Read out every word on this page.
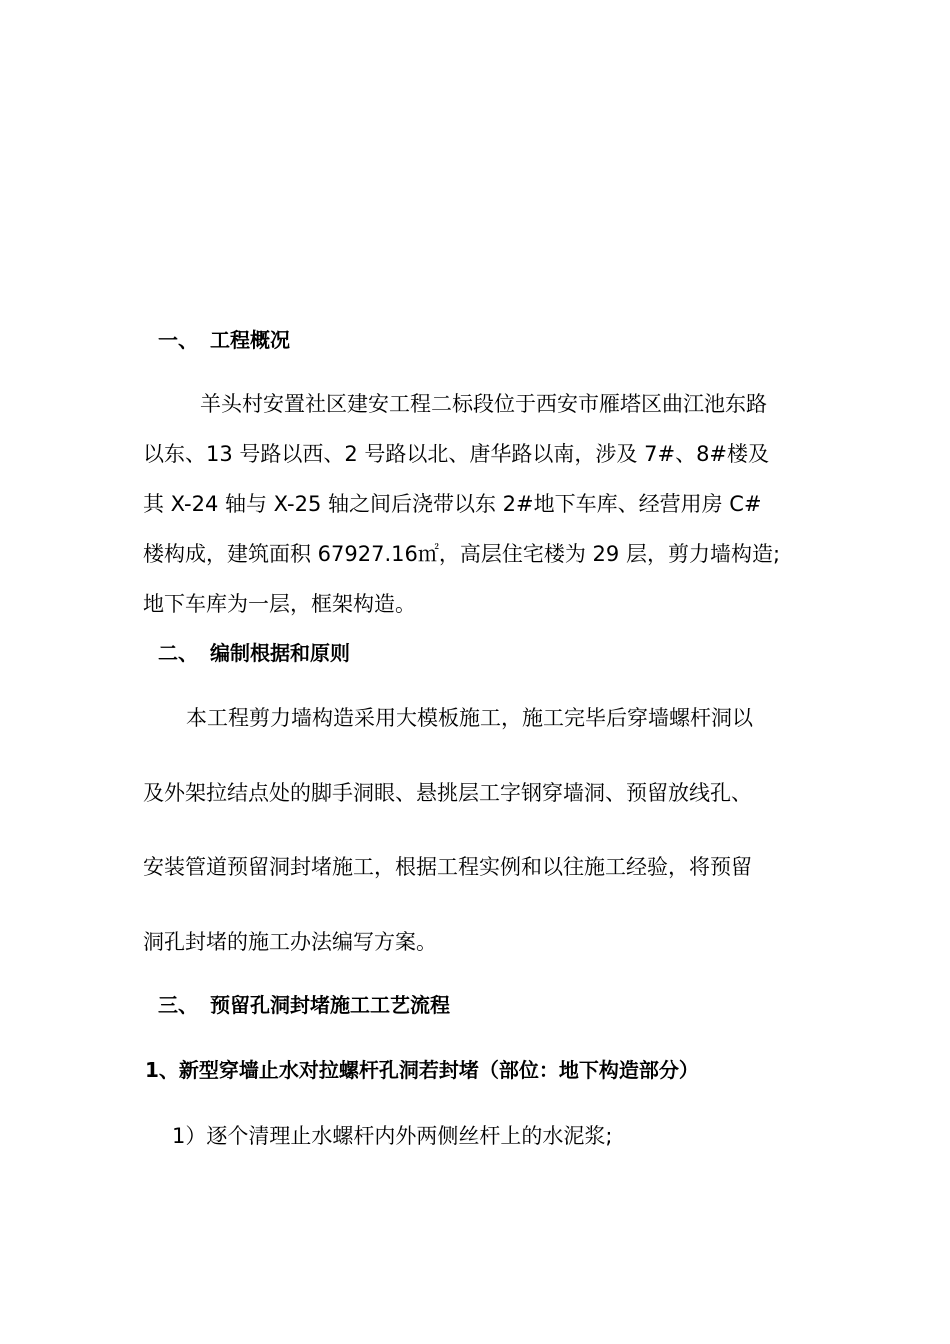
一、 工程概况
羊头村安置社区建安工程二标段位于西安市雁塔区曲江池东路
以东、13 号路以西、2 号路以北、唐华路以南，涉及 7#、8#楼及
其 X-24 轴与 X-25 轴之间后浇带以东 2#地下车库、经营用房 C#
楼构成，建筑面积 67927.16㎡，高层住宅楼为 29 层，剪力墙构造;
地下车库为一层，框架构造。
二、 编制根据和原则
本工程剪力墙构造采用大模板施工，施工完毕后穿墙螺杆洞以
及外架拉结点处的脚手洞眼、悬挑层工字钢穿墙洞、预留放线孔、
安装管道预留洞封堵施工，根据工程实例和以往施工经验，将预留
洞孔封堵的施工办法编写方案。
三、 预留孔洞封堵施工工艺流程
1、新型穿墙止水对拉螺杆孔洞若封堵（部位：地下构造部分）
1）逐个清理止水螺杆内外两侧丝杆上的水泥浆;
